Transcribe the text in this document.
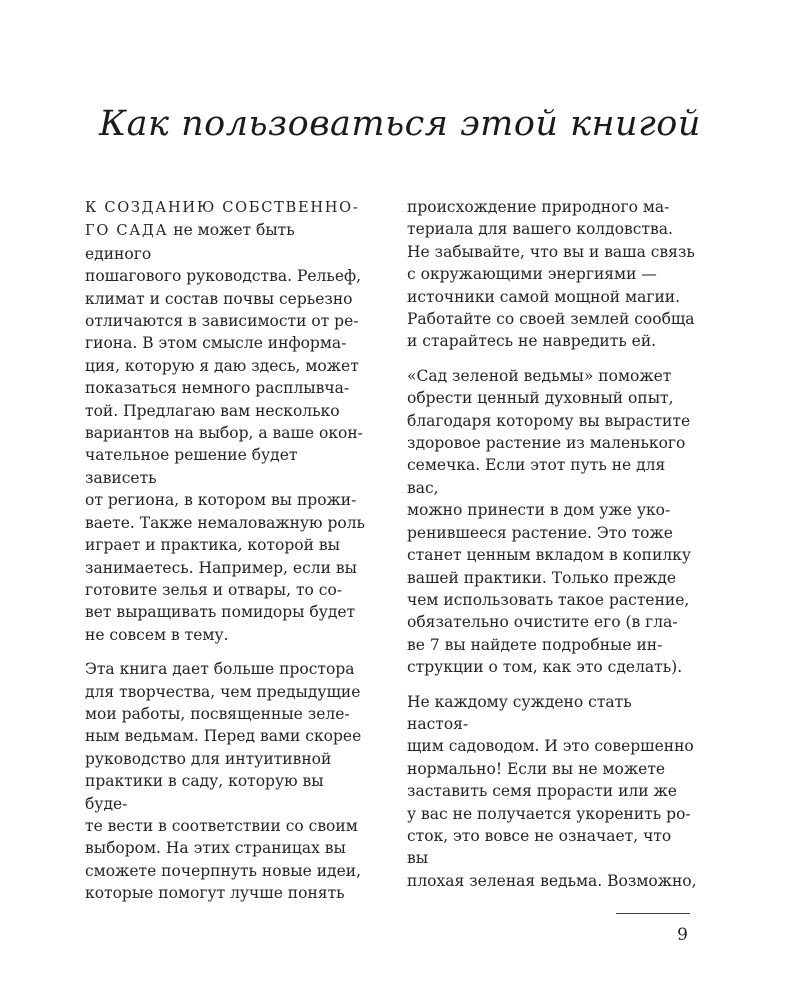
Как пользоваться этой книгой

К СОЗДАНИЮ СОБСТВЕННО-
ГО САДА не может быть единого
пошагового руководства. Рельеф,
климат и состав почвы серьезно
отличаются в зависимости от ре-
гиона. В этом смысле информа-
ция, которую я даю здесь, может
показаться немного расплывча-
той. Предлагаю вам несколько
вариантов на выбор, а ваше окон-
чательное решение будет зависеть
от региона, в котором вы прожи-
ваете. Также немаловажную роль
играет и практика, которой вы
занимаетесь. Например, если вы
готовите зелья и отвары, то со-
вет выращивать помидоры будет
не совсем в тему.

Эта книга дает больше простора
для творчества, чем предыдущие
мои работы, посвященные зеле-
ным ведьмам. Перед вами скорее
руководство для интуитивной
практики в саду, которую вы буде-
те вести в соответствии со своим
выбором. На этих страницах вы
сможете почерпнуть новые идеи,
которые помогут лучше понять

происхождение природного ма-
териала для вашего колдовства.
Не забывайте, что вы и ваша связь
с окружающими энергиями —
источники самой мощной магии.
Работайте со своей землей сообща
и старайтесь не навредить ей.

«Сад зеленой ведьмы» поможет
обрести ценный духовный опыт,
благодаря которому вы вырастите
здоровое растение из маленького
семечка. Если этот путь не для вас,
можно принести в дом уже уко-
ренившееся растение. Это тоже
станет ценным вкладом в копилку
вашей практики. Только прежде
чем использовать такое растение,
обязательно очистите его (в гла-
ве 7 вы найдете подробные ин-
струкции о том, как это сделать).

Не каждому суждено стать настоя-
щим садоводом. И это совершенно
нормально! Если вы не можете
заставить семя прорасти или же
у вас не получается укоренить ро-
сток, это вовсе не означает, что вы
плохая зеленая ведьма. Возможно,

9
